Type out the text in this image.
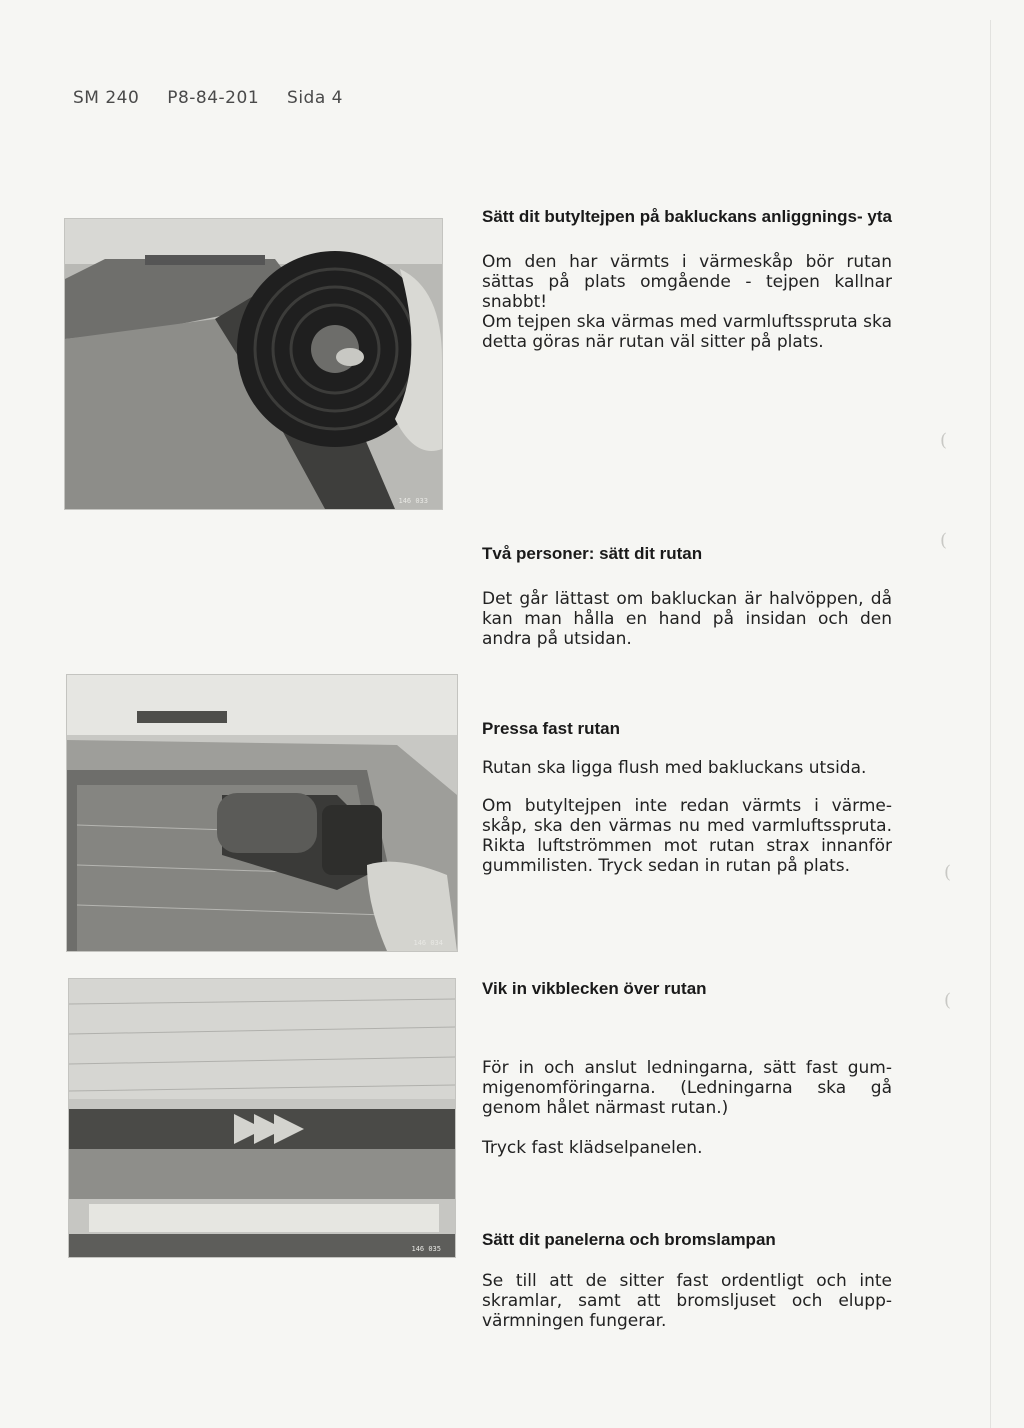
SM 240 P8-84-201 Sida 4
146 033
146 034
146 035
Sätt dit butyltejpen på bakluckans anliggnings- yta

Om den har värmts i värmeskåp bör rutan sättas på plats omgående - tejpen kallnar snabbt!

Om tejpen ska värmas med varmluftsspruta ska detta göras när rutan väl sitter på plats.

Två personer: sätt dit rutan

Det går lättast om bakluckan är halvöppen, då kan man hålla en hand på insidan och den andra på utsidan.

Pressa fast rutan

Rutan ska ligga flush med bakluckans utsida.

Om butyltejpen inte redan värmts i värme- skåp, ska den värmas nu med varmluftsspruta. Rikta luftströmmen mot rutan strax innanför gummilisten. Tryck sedan in rutan på plats.

Vik in vikblecken över rutan

För in och anslut ledningarna, sätt fast gum- migenomföringarna. (Ledningarna ska gå genom hålet närmast rutan.)

Tryck fast klädselpanelen.

Sätt dit panelerna och bromslampan

Se till att de sitter fast ordentligt och inte skramlar, samt att bromsljuset och elupp- värmningen fungerar.

(
(
(
(
